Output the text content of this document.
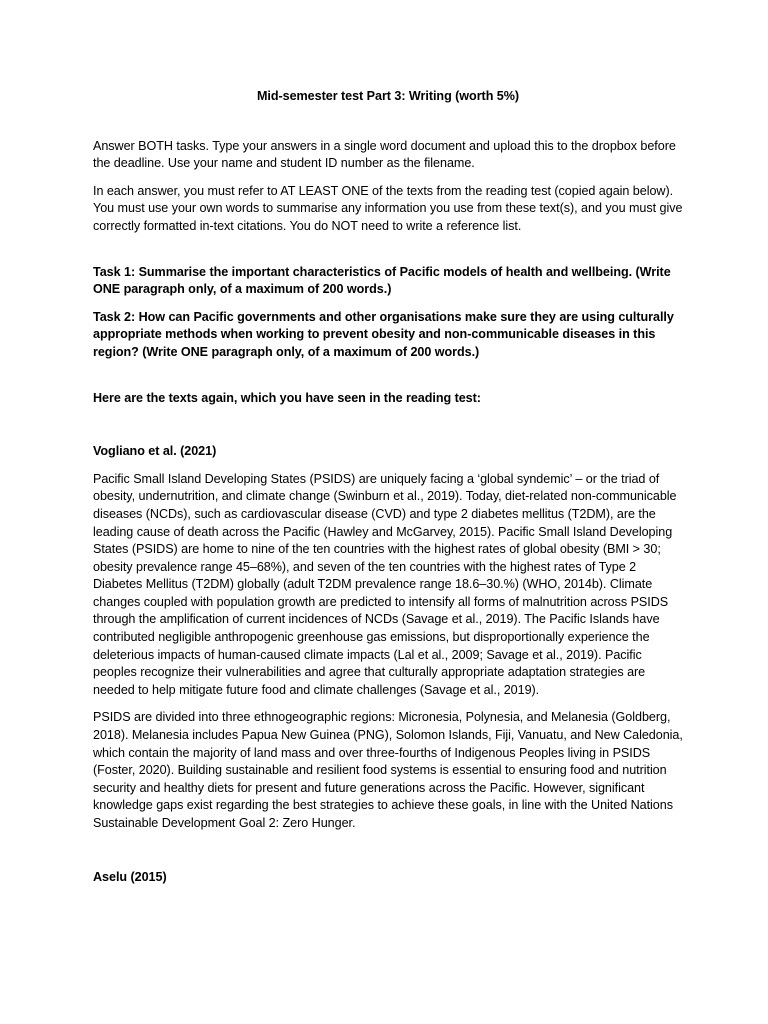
Mid-semester test Part 3: Writing (worth 5%)

Answer BOTH tasks. Type your answers in a single word document and upload this to the dropbox before the deadline. Use your name and student ID number as the filename.

In each answer, you must refer to AT LEAST ONE of the texts from the reading test (copied again below). You must use your own words to summarise any information you use from these text(s), and you must give correctly formatted in-text citations. You do NOT need to write a reference list.

Task 1: Summarise the important characteristics of Pacific models of health and wellbeing. (Write ONE paragraph only, of a maximum of 200 words.)

Task 2: How can Pacific governments and other organisations make sure they are using culturally appropriate methods when working to prevent obesity and non-communicable diseases in this region? (Write ONE paragraph only, of a maximum of 200 words.)

Here are the texts again, which you have seen in the reading test:

Vogliano et al. (2021)

Pacific Small Island Developing States (PSIDS) are uniquely facing a ‘global syndemic’ – or the triad of obesity, undernutrition, and climate change (Swinburn et al., 2019). Today, diet-related non-communicable diseases (NCDs), such as cardiovascular disease (CVD) and type 2 diabetes mellitus (T2DM), are the leading cause of death across the Pacific (Hawley and McGarvey, 2015). Pacific Small Island Developing States (PSIDS) are home to nine of the ten countries with the highest rates of global obesity (BMI > 30; obesity prevalence range 45–68%), and seven of the ten countries with the highest rates of Type 2 Diabetes Mellitus (T2DM) globally (adult T2DM prevalence range 18.6–30.%) (WHO, 2014b). Climate changes coupled with population growth are predicted to intensify all forms of malnutrition across PSIDS through the amplification of current incidences of NCDs (Savage et al., 2019). The Pacific Islands have contributed negligible anthropogenic greenhouse gas emissions, but disproportionally experience the deleterious impacts of human-caused climate impacts (Lal et al., 2009; Savage et al., 2019). Pacific peoples recognize their vulnerabilities and agree that culturally appropriate adaptation strategies are needed to help mitigate future food and climate challenges (Savage et al., 2019).

PSIDS are divided into three ethnogeographic regions: Micronesia, Polynesia, and Melanesia (Goldberg, 2018). Melanesia includes Papua New Guinea (PNG), Solomon Islands, Fiji, Vanuatu, and New Caledonia, which contain the majority of land mass and over three-fourths of Indigenous Peoples living in PSIDS (Foster, 2020). Building sustainable and resilient food systems is essential to ensuring food and nutrition security and healthy diets for present and future generations across the Pacific. However, significant knowledge gaps exist regarding the best strategies to achieve these goals, in line with the United Nations Sustainable Development Goal 2: Zero Hunger.

Aselu (2015)
